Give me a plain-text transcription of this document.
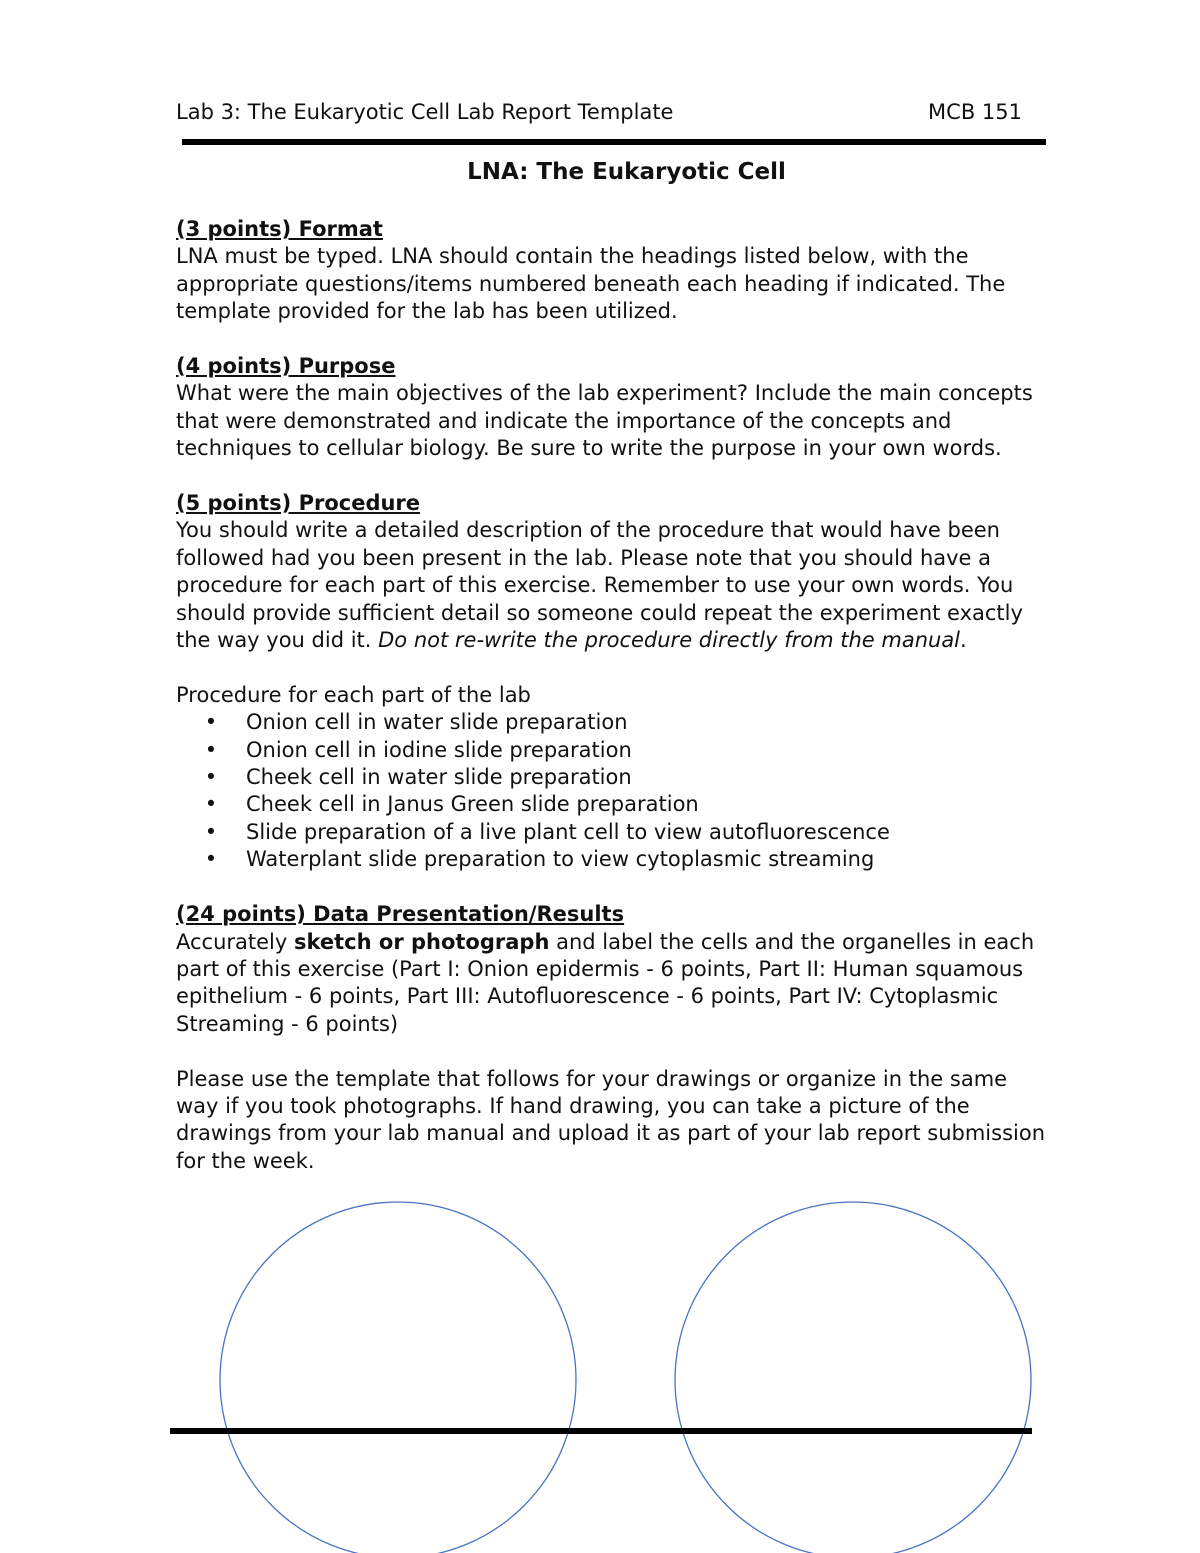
Lab 3: The Eukaryotic Cell Lab Report Template	MCB 151
LNA: The Eukaryotic Cell
(3 points) Format
LNA must be typed. LNA should contain the headings listed below, with the appropriate questions/items numbered beneath each heading if indicated. The template provided for the lab has been utilized.
(4 points) Purpose
What were the main objectives of the lab experiment? Include the main concepts that were demonstrated and indicate the importance of the concepts and techniques to cellular biology. Be sure to write the purpose in your own words.
(5 points) Procedure
You should write a detailed description of the procedure that would have been followed had you been present in the lab. Please note that you should have a procedure for each part of this exercise. Remember to use your own words. You should provide sufficient detail so someone could repeat the experiment exactly the way you did it. Do not re-write the procedure directly from the manual.
Procedure for each part of the lab
•	Onion cell in water slide preparation
•	Onion cell in iodine slide preparation
•	Cheek cell in water slide preparation
•	Cheek cell in Janus Green slide preparation
•	Slide preparation of a live plant cell to view autofluorescence
•	Waterplant slide preparation to view cytoplasmic streaming
(24 points) Data Presentation/Results
Accurately sketch or photograph and label the cells and the organelles in each part of this exercise (Part I: Onion epidermis - 6 points, Part II: Human squamous epithelium - 6 points, Part III: Autofluorescence - 6 points, Part IV: Cytoplasmic Streaming - 6 points)
Please use the template that follows for your drawings or organize in the same way if you took photographs. If hand drawing, you can take a picture of the drawings from your lab manual and upload it as part of your lab report submission for the week.
